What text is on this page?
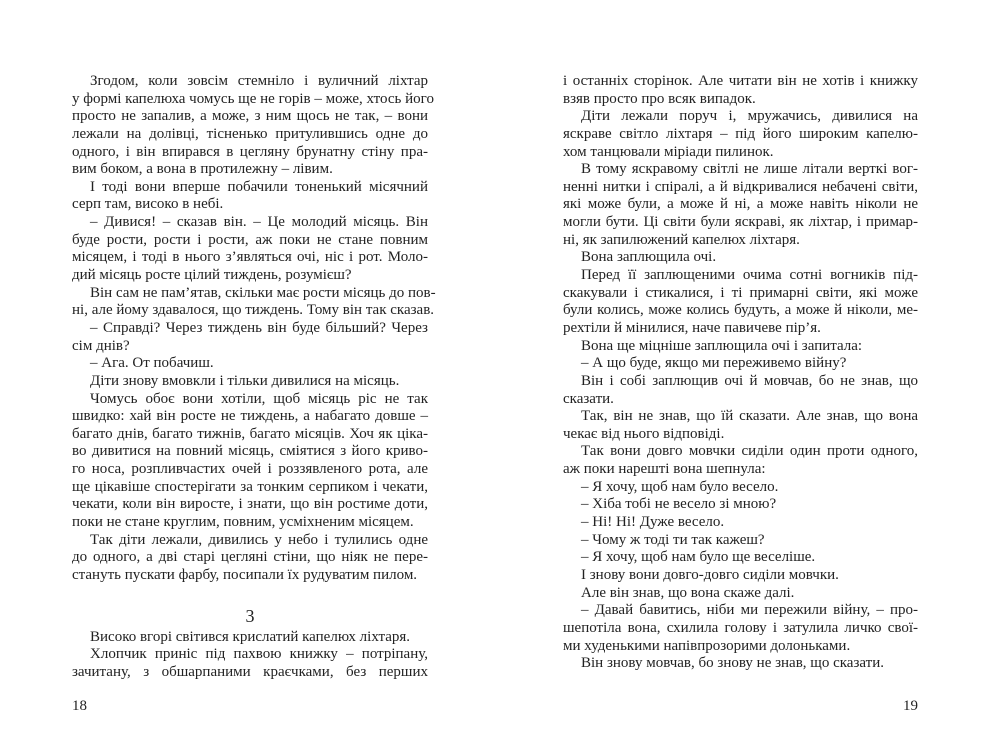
Згодом, коли зовсім стемніло і вуличний ліхтар
у формі капелюха чомусь ще не горів – може, хтось його
просто не запалив, а може, з ним щось не так, – вони
лежали на долівці, тісненько притулившись одне до
одного, і він впирався в цеглянy брунатну стіну пра-
вим боком, а вона в протилежну – лівим.
І тоді вони вперше побачили тоненький місячний
серп там, високо в небі.
– Дивися! – сказав він. – Це молодий місяць. Він
буде рости, рости і рости, аж поки не стане повним
місяцем, і тоді в нього з’являться очі, ніс і рот. Моло-
дий місяць росте цілий тиждень, розумієш?
Він сам не пам’ятав, скільки має рости місяць до пов-
ні, але йому здавалося, що тиждень. Тому він так сказав.
– Справді? Через тиждень він буде більший? Через
сім днів?
– Ага. От побачиш.
Діти знову вмовкли і тільки дивилися на місяць.
Чомусь обоє вони хотіли, щоб місяць ріс не так
швидко: хай він росте не тиждень, а набагато довше –
багато днів, багато тижнів, багато місяців. Хоч як ціка-
во дивитися на повний місяць, сміятися з його криво-
го носа, розпливчастих очей і роззявленого рота, але
ще цікавіше спостерігати за тонким серпиком і чекати,
чекати, коли він виросте, і знати, що він ростиме доти,
поки не стане круглим, повним, усміхненим місяцем.
Так діти лежали, дивились у небо і тулились одне
до одного, а дві старі цегляні стіни, що ніяк не пере-
стануть пускати фарбу, посипали їх рудуватим пилом.
3
Високо вгорі світився крислатий капелюх ліхтаря.
Хлопчик приніс під пахвою книжку – потріпану,
зачитану, з обшарпаними краєчками, без перших
і останніх сторінок. Але читати він не хотів і книжку
взяв просто про всяк випадок.
Діти лежали поруч і, мружачись, дивилися на
яскраве світло ліхтаря – під його широким капелю-
хом танцювали міріади пилинок.
В тому яскравому світлі не лише літали верткі вог-
ненні нитки і спіралі, а й відкривалися небачені світи,
які може були, а може й ні, а може навіть ніколи не
могли бути. Ці світи були яскраві, як ліхтар, і примар-
ні, як запилюжений капелюх ліхтаря.
Вона заплющила очі.
Перед її заплющеними очима сотні вогників під-
скакували і стикалися, і ті примарні світи, які може
були колись, може колись будуть, а може й ніколи, ме-
рехтіли й мінилися, наче павичеве пір’я.
Вона ще міцніше заплющила очі і запитала:
– А що буде, якщо ми переживемо війну?
Він і собі заплющив очі й мовчав, бо не знав, що
сказати.
Так, він не знав, що їй сказати. Але знав, що вона
чекає від нього відповіді.
Так вони довго мовчки сиділи один проти одного,
аж поки нарешті вона шепнула:
– Я хочу, щоб нам було весело.
– Хіба тобі не весело зі мною?
– Ні! Ні! Дуже весело.
– Чому ж тоді ти так кажеш?
– Я хочу, щоб нам було ще веселіше.
І знову вони довго-довго сиділи мовчки.
Але він знав, що вона скаже далі.
– Давай бавитись, ніби ми пережили війну, – про-
шепотіла вона, схилила голову і затулила личко свої-
ми худенькими напівпрозорими долоньками.
Він знову мовчав, бо знову не знав, що сказати.
18	19
